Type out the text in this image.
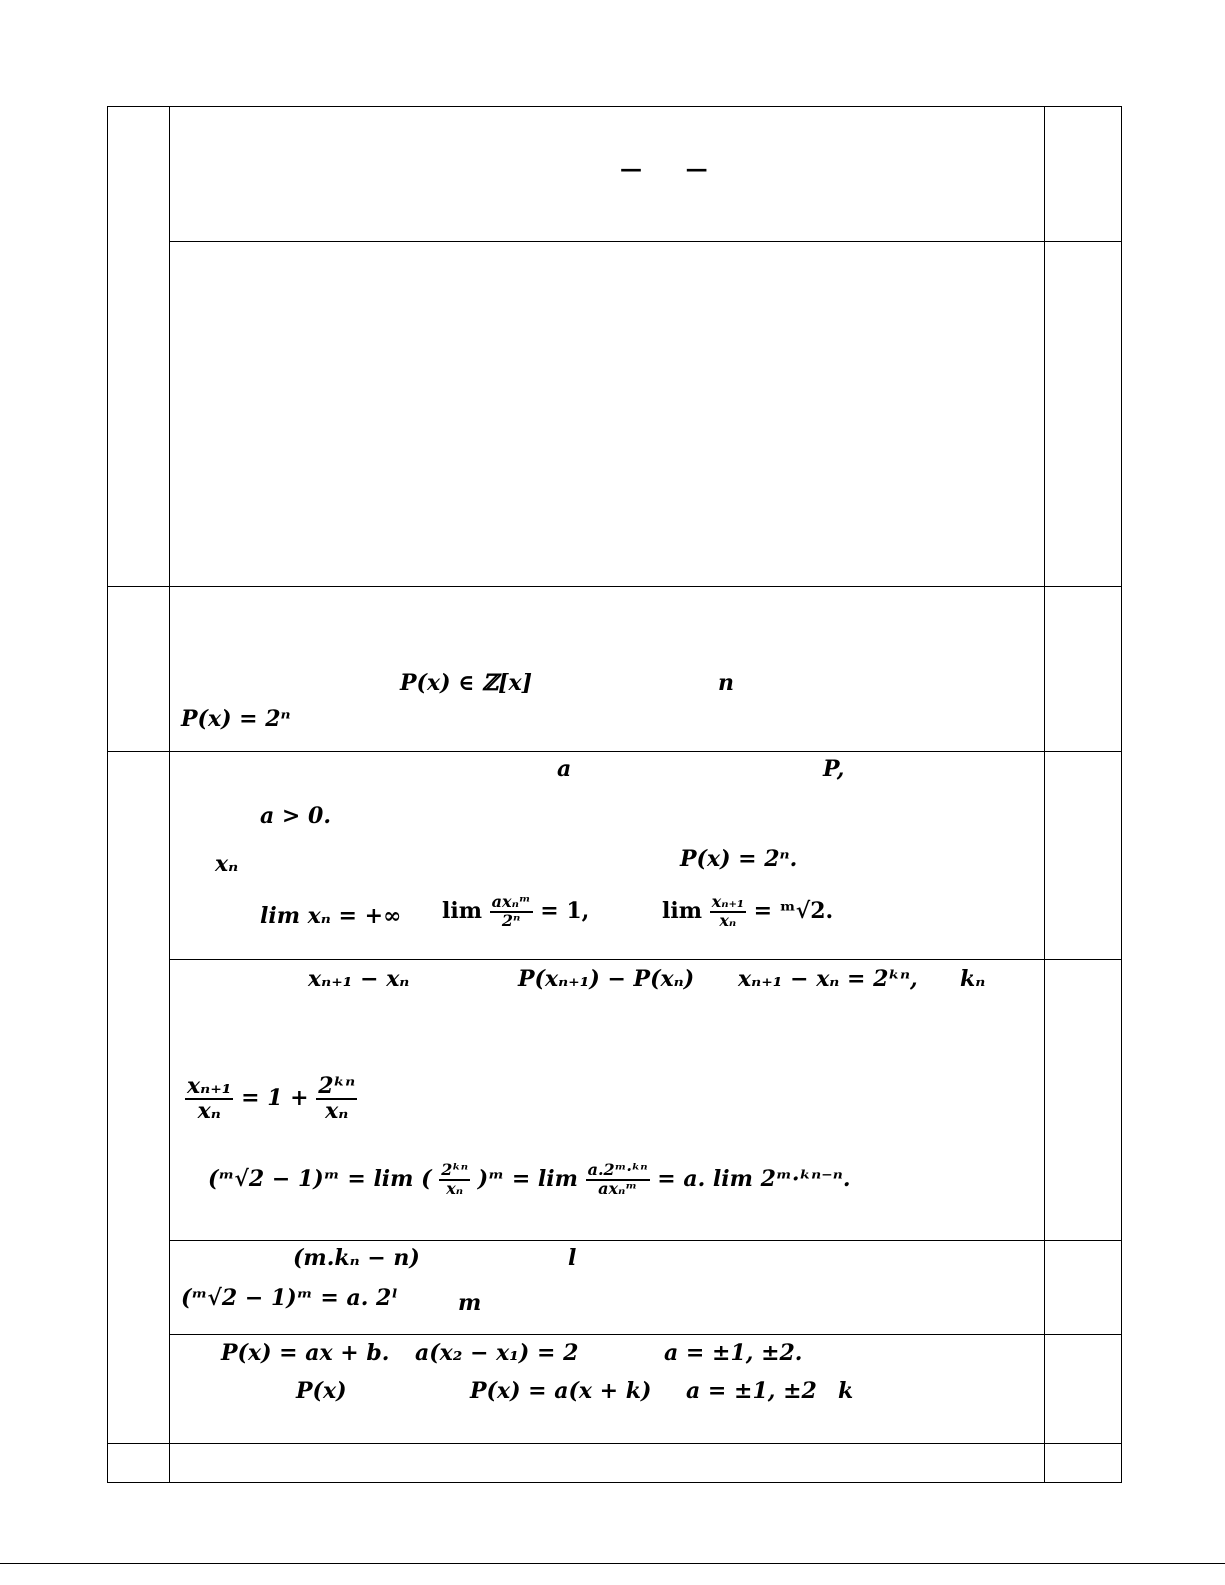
— —
P(x) ∈ ℤ[x]	n
P(x) = 2ⁿ
a	P,
a > 0.
xₙ	P(x) = 2ⁿ.
lim xₙ = +∞ $\lim \frac{\text{axₙᵐ}}{\text{2ⁿ}} = 1$,	$\lim \frac{\text{xₙ₊₁}}{\text{xₙ}}$ = ᵐ√2.
xₙ₊₁ − xₙ	P(xₙ₊₁) − P(xₙ) xₙ₊₁ − xₙ = 2ᵏⁿ, kₙ
$\frac{\text{xₙ₊₁}}{\text{xₙ}} = 1 + \frac{\text{2ᵏⁿ}}{\text{xₙ}}$
(ᵐ√2 − 1)ᵐ = lim ( $\frac{\text{2ᵏⁿ}}{\text{xₙ}}$ )ᵐ = $\lim \frac{\text{a.2ᵐ·ᵏⁿ}}{\text{axₙᵐ}} = a$. lim 2ᵐ·ᵏⁿ⁻ⁿ.
(m.kₙ − n)	l
(ᵐ√2 − 1)ᵐ = a. 2ˡ	m
P(x) = ax + b. a(x₂ − x₁) = 2	a = ±1, ±2.
P(x)	P(x) = a(x + k) a = ±1, ±2 k
